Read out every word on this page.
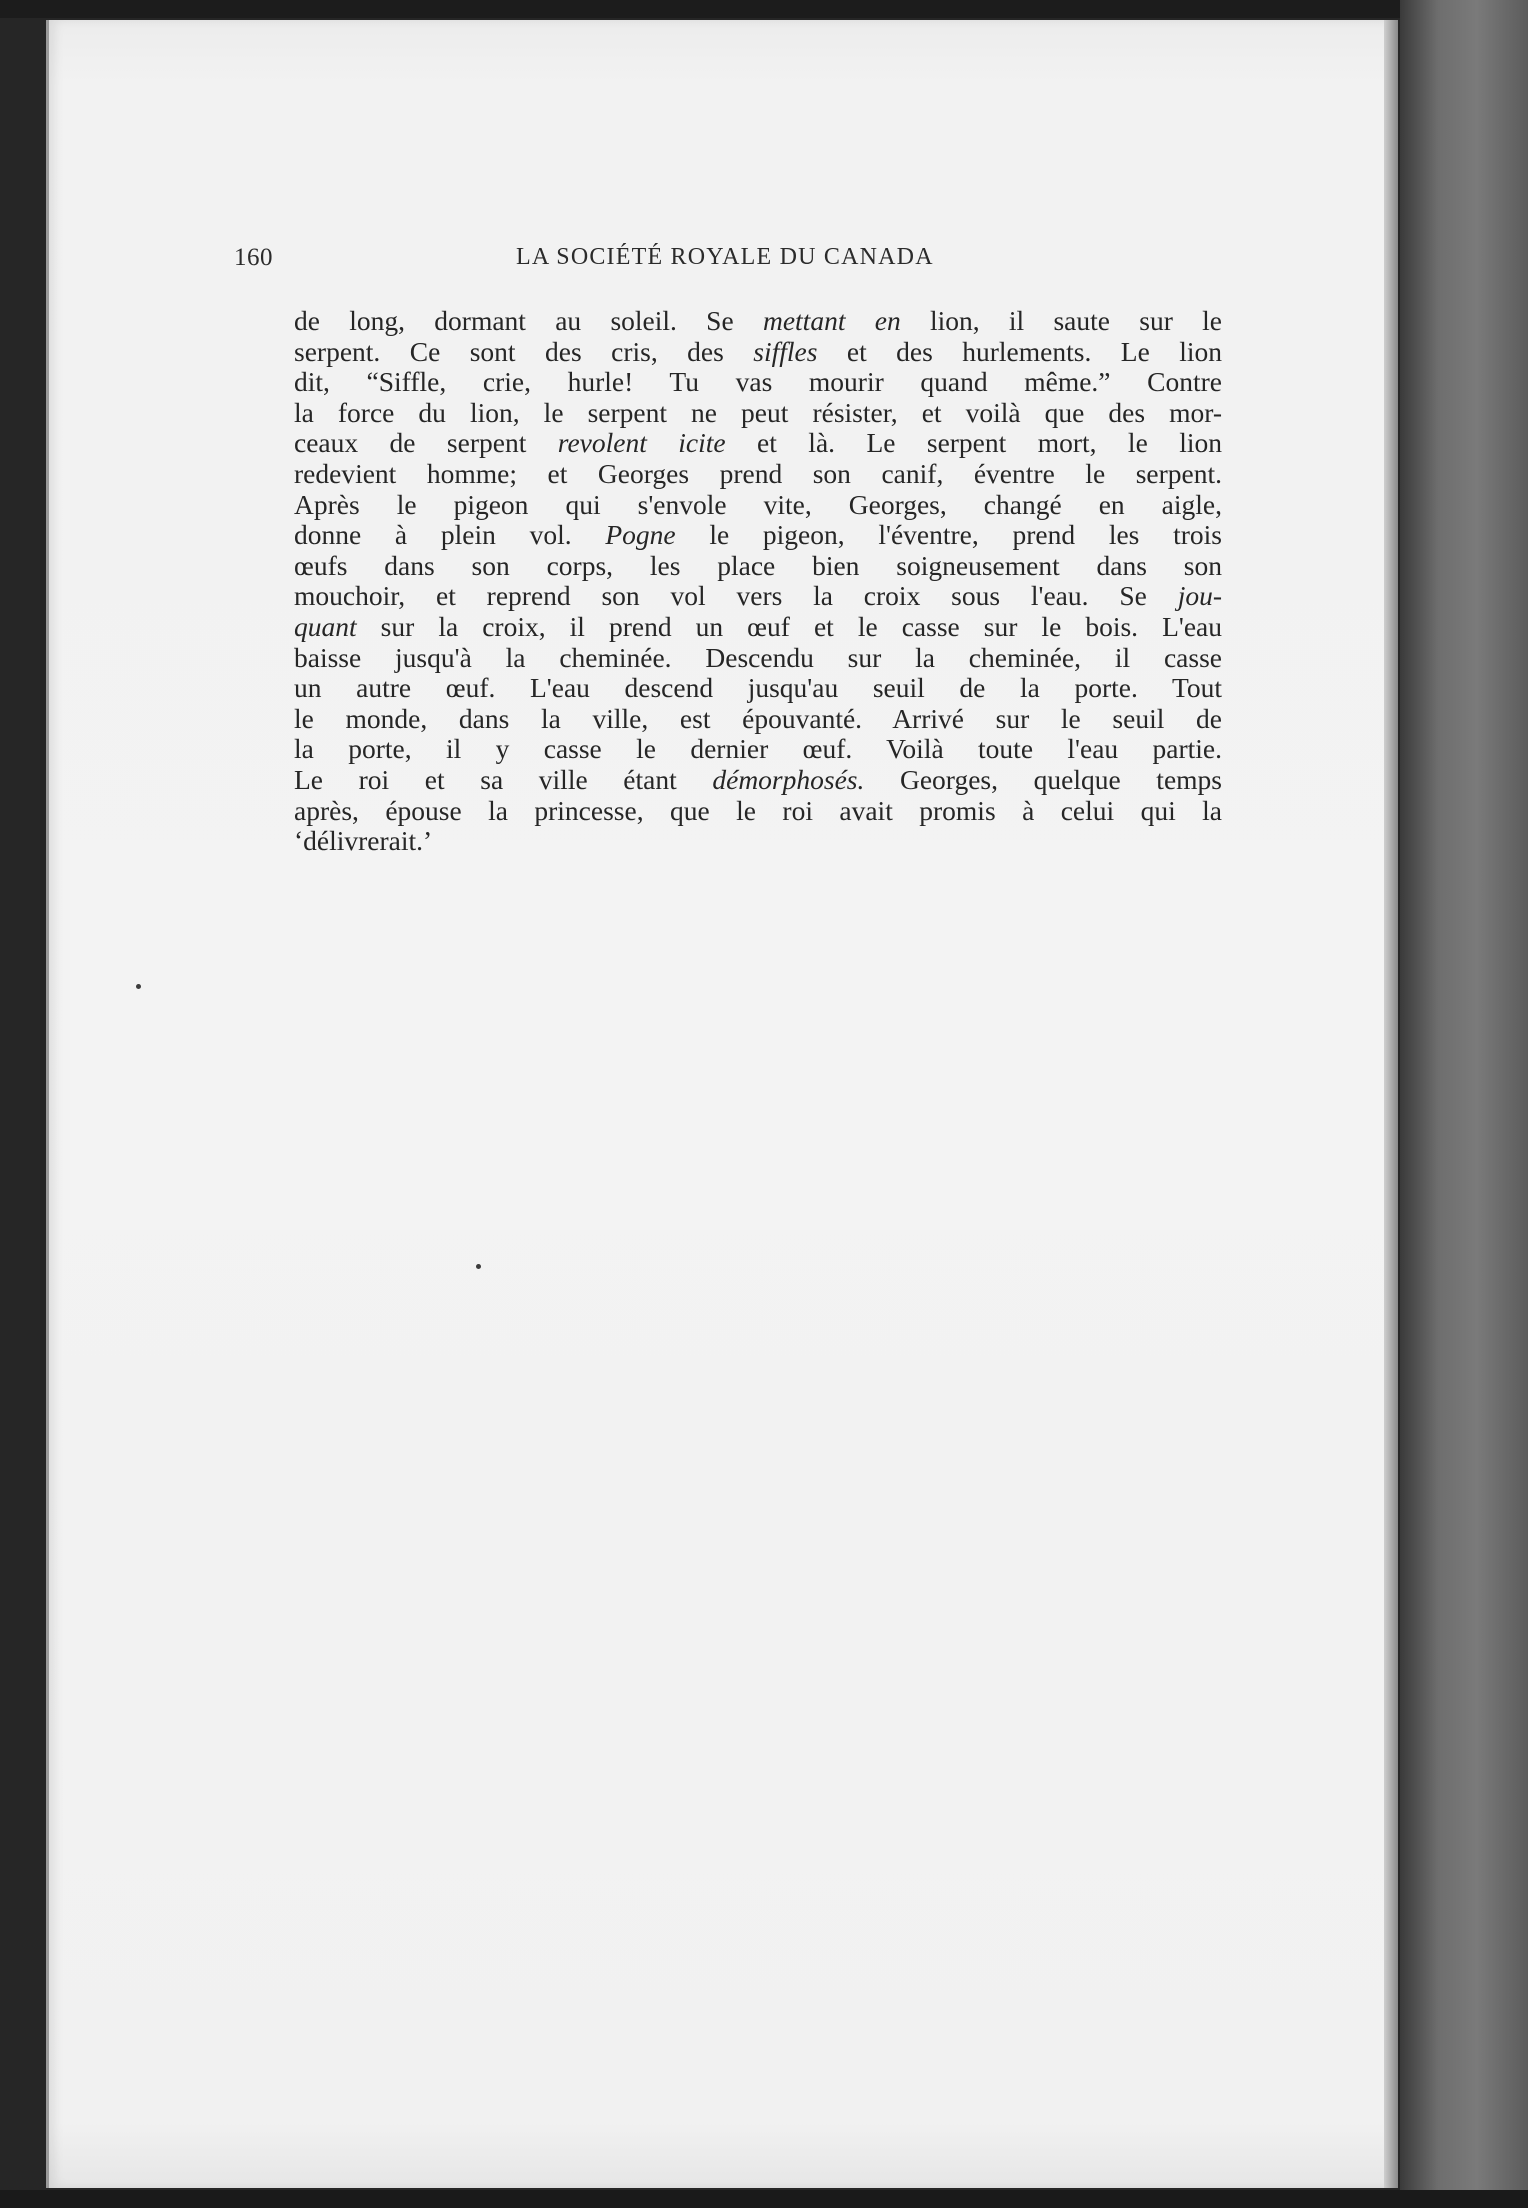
160	LA SOCIÉTÉ ROYALE DU CANADA
de long, dormant au soleil. Se mettant en lion, il saute sur le
serpent. Ce sont des cris, des siffles et des hurlements. Le lion
dit, “Siffle, crie, hurle! Tu vas mourir quand même.” Contre
la force du lion, le serpent ne peut résister, et voilà que des mor-
ceaux de serpent revolent icite et là. Le serpent mort, le lion
redevient homme; et Georges prend son canif, éventre le serpent.
Après le pigeon qui s'envole vite, Georges, changé en aigle,
donne à plein vol. Pogne le pigeon, l'éventre, prend les trois
œufs dans son corps, les place bien soigneusement dans son
mouchoir, et reprend son vol vers la croix sous l'eau. Se jou-
quant sur la croix, il prend un œuf et le casse sur le bois. L'eau
baisse jusqu'à la cheminée. Descendu sur la cheminée, il casse
un autre œuf. L'eau descend jusqu'au seuil de la porte. Tout
le monde, dans la ville, est épouvanté. Arrivé sur le seuil de
la porte, il y casse le dernier œuf. Voilà toute l'eau partie.
Le roi et sa ville étant démorphosés. Georges, quelque temps
après, épouse la princesse, que le roi avait promis à celui qui la
‘délivrerait.’
